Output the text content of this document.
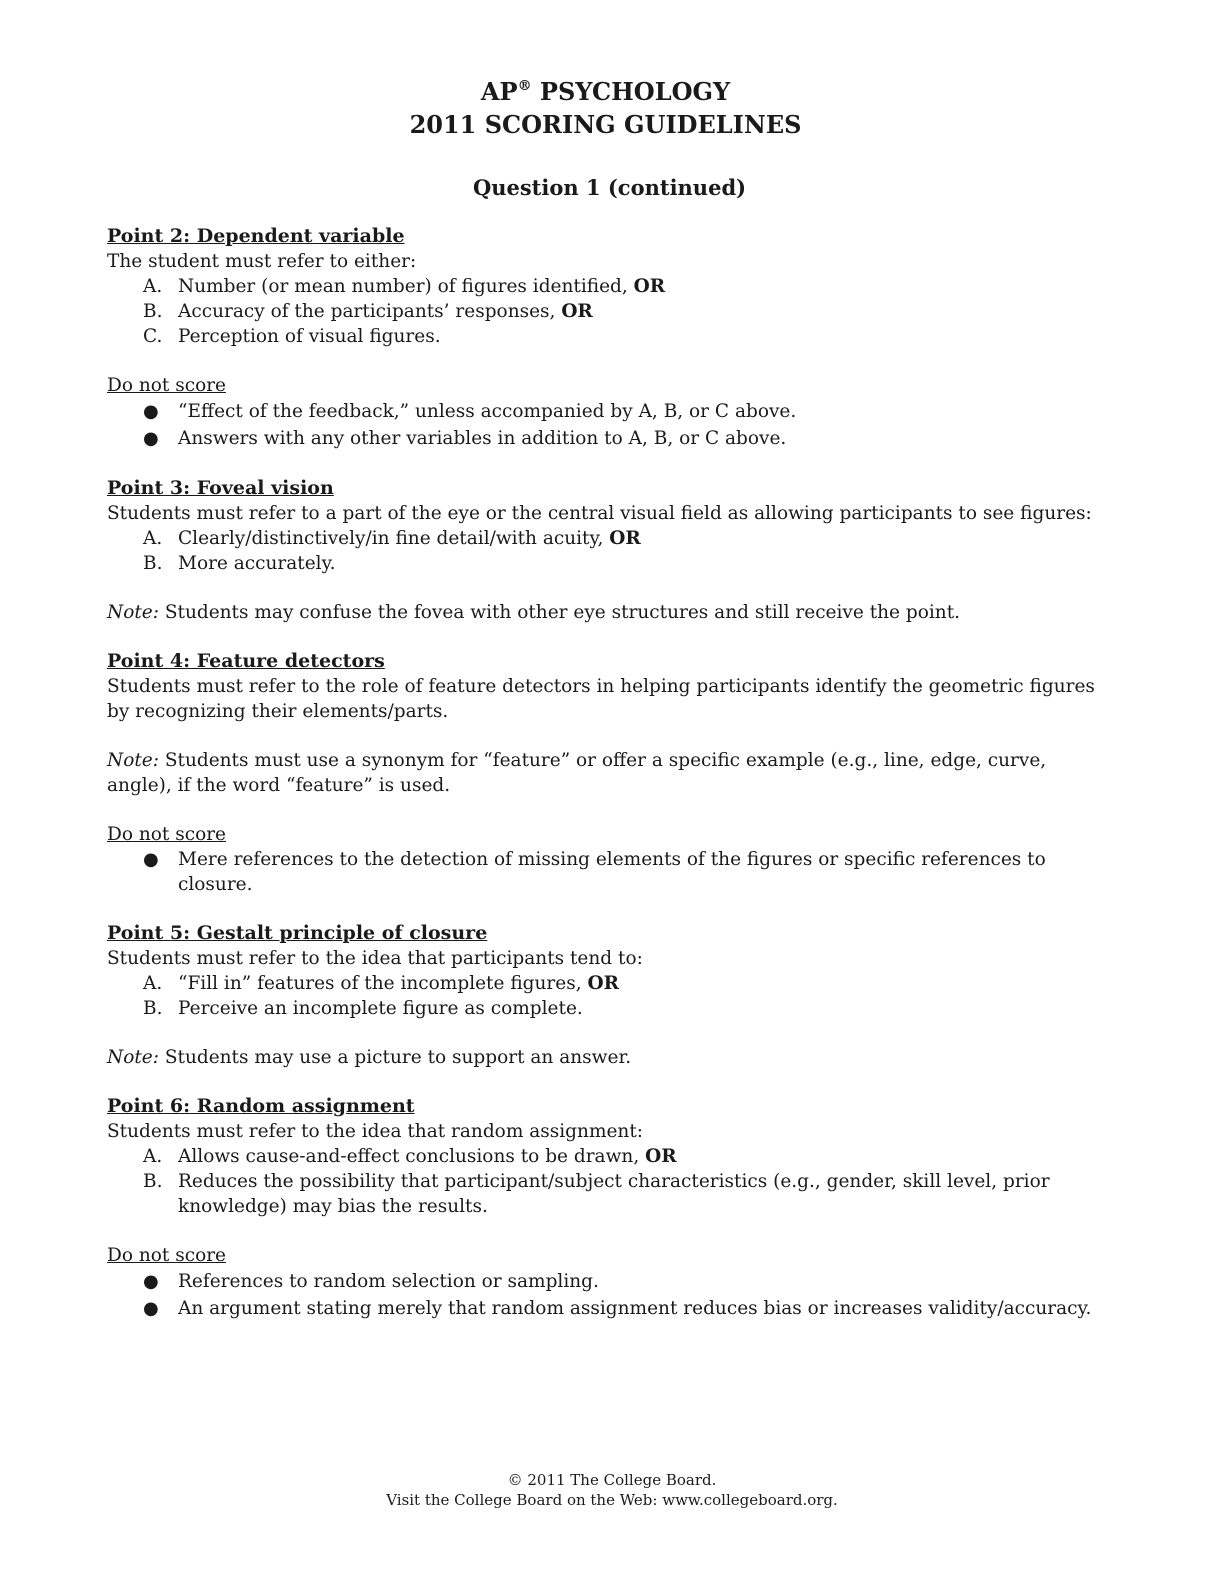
AP® PSYCHOLOGY
2011 SCORING GUIDELINES
Question 1 (continued)
Point 2: Dependent variable

The student must refer to either:

A. Number (or mean number) of figures identified, OR
B. Accuracy of the participants’ responses, OR
C. Perception of visual figures.
Do not score
● “Effect of the feedback,” unless accompanied by A, B, or C above.
● Answers with any other variables in addition to A, B, or C above.
Point 3: Foveal vision

Students must refer to a part of the eye or the central visual field as allowing participants to see figures:

A. Clearly/distinctively/in fine detail/with acuity, OR
B. More accurately.

Note: Students may confuse the fovea with other eye structures and still receive the point.

Point 4: Feature detectors

Students must refer to the role of feature detectors in helping participants identify the geometric figures by recognizing their elements/parts.

Note: Students must use a synonym for “feature” or offer a specific example (e.g., line, edge, curve, angle), if the word “feature” is used.

Do not score
● Mere references to the detection of missing elements of the figures or specific references to closure.
Point 5: Gestalt principle of closure

Students must refer to the idea that participants tend to:

A. “Fill in” features of the incomplete figures, OR
B. Perceive an incomplete figure as complete.

Note: Students may use a picture to support an answer.

Point 6: Random assignment

Students must refer to the idea that random assignment:

A. Allows cause-and-effect conclusions to be drawn, OR
B. Reduces the possibility that participant/subject characteristics (e.g., gender, skill level, prior knowledge) may bias the results.
Do not score
● References to random selection or sampling.
● An argument stating merely that random assignment reduces bias or increases validity/accuracy.
© 2011 The College Board.
Visit the College Board on the Web: www.collegeboard.org.
